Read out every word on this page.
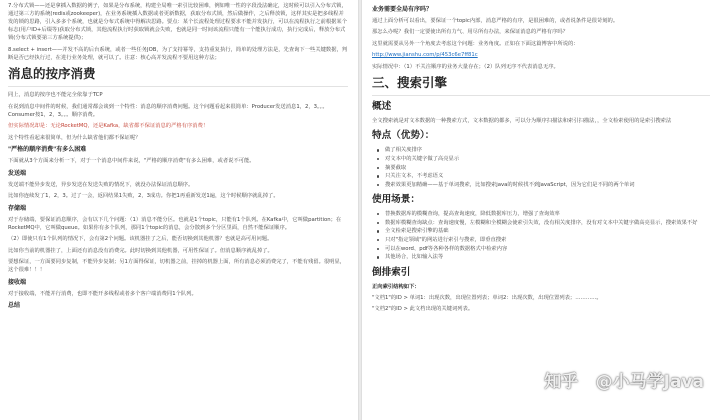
7.分布式锁——还是拿插入数据的例子，如果是分布系统，构建全局唯一索引比较困难，例如唯一性的字段没法确定，这时候可以引入分布式锁，通过第三方的系统(redis或zookeeper)，在业务系统插入数据或者更新数据，获取分布式锁，然后做操作，之后释放锁，这样其实是把多线程并发的锁的思路，引入多多个系统，也就是分布式系统中得解决思路。要点：某个长流程处理过程要求不能并发执行，可以在流程执行之前根据某个标志(用户ID+后缀等)获取分布式锁，其他流程执行时获取锁就会失败，也就是同一时间该流程只能有一个能执行成功，执行完成后，释放分布式锁(分布式锁要第三方系统提供)；

8.select + insert——并发不高的后台系统，或者一些任务JOB，为了支持幂等，支持重复执行，简单的处理方法是，先查询下一些关键数据，判断是否已经执行过，在进行业务处理，就可以了。注意：核心高并发流程不要用这种方法；

消息的按序消费

同上，消息的按序也不能完全依靠于TCP

在说到消息中间件的时候，我们通常都会谈到一个特性：消息的顺序消费问题。这个问题看起来很简单：Producer发送消息1，2，3。。。Consumer按1，2，3。。。顺序消费。

但实际情况却是：无论RocketMQ，还是Kafka，缺省都不保证消息的严格有序消费！

这个特性看起来很简单，但为什么缺省他们都不保证呢？

"严格的顺序消费"有多么困难

下面就从3个方面来分析一下，对于一个消息中间件来说，"严格的顺序消费"有多么困难，或者说不可能。

发送端

发送端不能异步发送，异步发送在发送失败的情况下，就没办法保证消息顺序。

比如你连续发了1，2，3。过了一会，返回结果1失败，2，3成功。你把1再重新发送1遍，这个时候顺序就乱掉了。

存储端

对于存储端，要保证消息顺序，会有以下几个问题：（1）消息不能分区。也就是1个topic，只能有1个队列。在Kafka中，它叫做partition；在RocketMQ中，它叫做queue。如果你有多个队列，那同1个topic的消息，会分散到多个分区里面，自然不能保证顺序。

（2）即使只有1个队列的情况下，会有第2个问题。该机器挂了之后，能否切换到其他机器？也就是高可用问题。

比如你当前的机器挂了，上面还有消息没有消费完。此时切换到其他机器，可用性保证了。但消息顺序就乱掉了。

要想保证，一方面要同步复制，不能异步复制；另1方面得保证，切机器之前，挂掉的机器上面，所有消息必须消费完了，不能有残留。很明显，这个很难！！！

接收端

对于接收端，不能并行消费，也即不能开多线程或者多个客户端消费同1个队列。

总结
业务需要全局有序吗？

通过上面分析可以看出，要保证一个topic内部，消息严格的有序，是很困难的，或者说条件是很苛刻的。

那怎么办呢？我们一定要使出所有力气、用尽所有办法，来保证消息的严格有序吗？

这里就需要从另外一个角度去考虑这个问题：业务角度。正如在下面这篇博客中所说的：

http://www.jianshu.com/p/453c6e7ff81c

实际情况中：（1）不关注顺序的业务大量存在；（2）队列无序不代表消息无序。

三、搜索引擎
概述

全文搜索就是对文本数据的一种搜索方式，文本数据的都多，可以分为顺序扫描法和索引扫描法，，全文检索使用的是索引搜索法

特点（优势）：
做了相关度排序
对文本中的关键字做了高亮显示
摘要截取
只关注文本，不考虑语义
搜索效果更加精确——基于单词搜索，比如搜索java的时候找不到JavaScript，因为它们是不同的两个单词
使用场景：
替换数据库的模糊查询，提高查询速度，降低数据库压力，增强了查询效率
数据库模糊查询缺点：查询速度慢，左模糊和全模糊会使索引失效，没有相关度排序，没有对文本中关键字做高亮显示，搜索效果不好
全文检索是搜索引擎的基础
只对"指定领域"的网站进行索引与搜索，即垂直搜索
可以在word、pdf等各种各样的数据格式中检索内容
其他场合，比如输入法等
倒排索引

正向索引结构如下：

"文档1"的ID > 单词1：出现次数，出现位置列表；单词2：出现次数，出现位置列表；…………。

"文档2"的ID > 此文档出现的关键词列表。

知乎 @小马学Java
